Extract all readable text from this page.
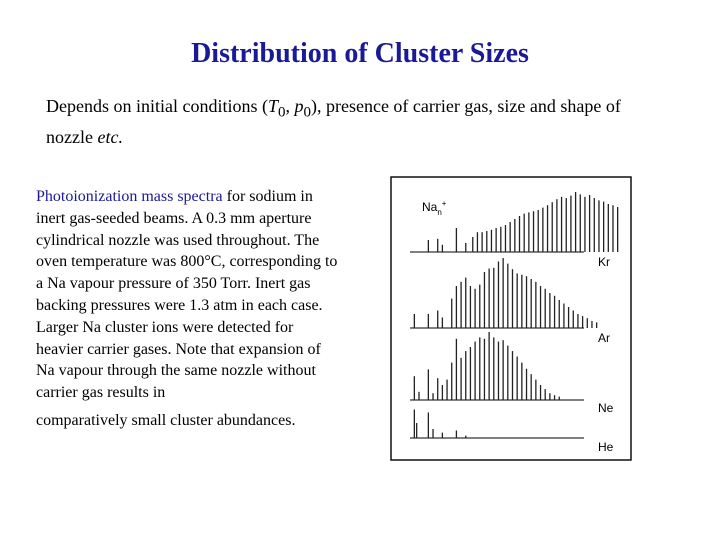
Distribution of Cluster Sizes
Depends on initial conditions ($T_0$, $p_0$), presence of carrier gas, size and shape of nozzle etc.
Photoionization mass spectra for sodium in inert gas-seeded beams. A 0.3 mm aperture cylindrical nozzle was used throughout. The oven temperature was 800°C, corresponding to a Na vapour pressure of 350 Torr. Inert gas backing pressures were 1.3 atm in each case. Larger Na cluster ions were detected for heavier carrier gases. Note that expansion of Na vapour through the same nozzle without carrier gas results in
comparatively small cluster abundances.
$Na_n^+$
Kr
Ar
Ne
He
